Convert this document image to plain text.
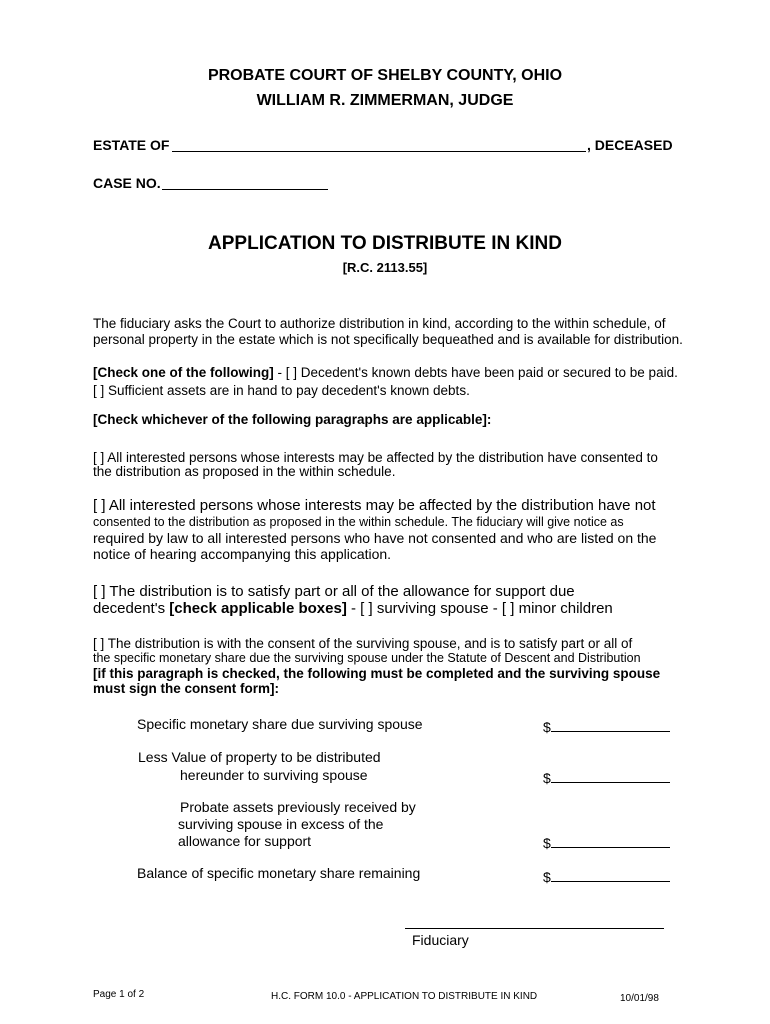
PROBATE COURT OF SHELBY COUNTY, OHIO
WILLIAM R. ZIMMERMAN, JUDGE
ESTATE OF	, DECEASED
CASE NO.
APPLICATION TO DISTRIBUTE IN KIND
[R.C. 2113.55]
The fiduciary asks the Court to authorize distribution in kind, according to the within schedule, of
personal property in the estate which is not specifically bequeathed and is available for distribution.
[Check one of the following] - [ ] Decedent's known debts have been paid or secured to be paid.
[ ] Sufficient assets are in hand to pay decedent's known debts.
[Check whichever of the following paragraphs are applicable]:
[ ] All interested persons whose interests may be affected by the distribution have consented to
the distribution as proposed in the within schedule.
[ ] All interested persons whose interests may be affected by the distribution have not
consented to the distribution as proposed in the within schedule. The fiduciary will give notice as
required by law to all interested persons who have not consented and who are listed on the
notice of hearing accompanying this application.
[ ] The distribution is to satisfy part or all of the allowance for support due
decedent's [check applicable boxes] - [ ] surviving spouse - [ ] minor children
[ ] The distribution is with the consent of the surviving spouse, and is to satisfy part or all of
the specific monetary share due the surviving spouse under the Statute of Descent and Distribution
[if this paragraph is checked, the following must be completed and the surviving spouse
must sign the consent form]:
Specific monetary share due surviving spouse	$
Less Value of property to be distributed
hereunder to surviving spouse	$
Probate assets previously received by
surviving spouse in excess of the
allowance for support	$
Balance of specific monetary share remaining	$
Fiduciary
Page 1 of 2	H.C. FORM 10.0 - APPLICATION TO DISTRIBUTE IN KIND	10/01/98
